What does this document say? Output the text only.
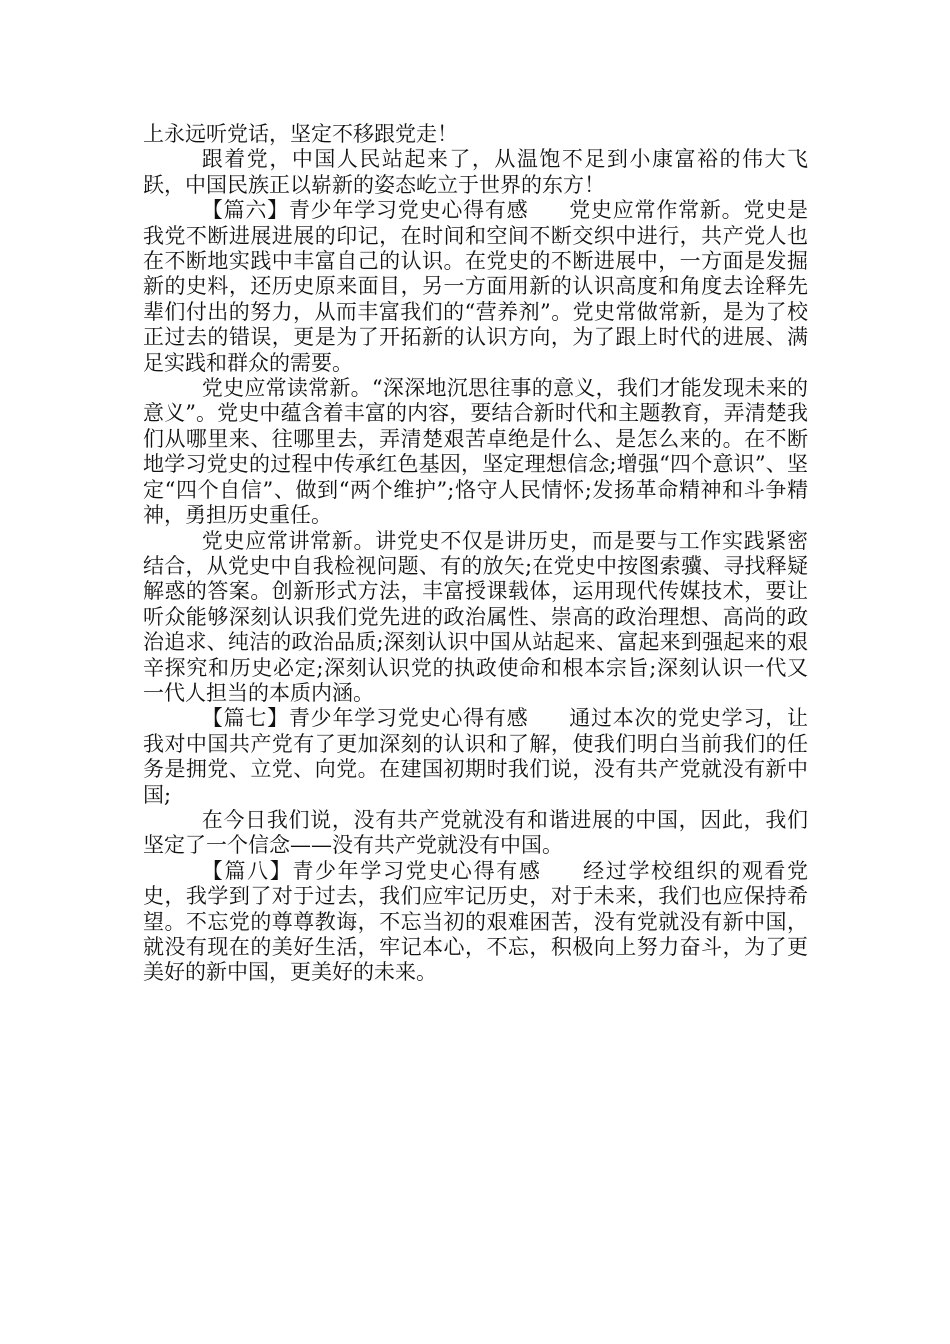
上永远听党话，坚定不移跟党走！

跟着党，中国人民站起来了，从温饱不足到小康富裕的伟大飞跃，中国民族正以崭新的姿态屹立于世界的东方！

【篇六】青少年学习党史心得有感 党史应常作常新。党史是我党不断进展进展的印记，在时间和空间不断交织中进行，共产党人也在不断地实践中丰富自己的认识。在党史的不断进展中，一方面是发掘新的史料，还历史原来面目，另一方面用新的认识高度和角度去诠释先辈们付出的努力，从而丰富我们的“营养剂”。党史常做常新，是为了校正过去的错误，更是为了开拓新的认识方向，为了跟上时代的进展、满足实践和群众的需要。

党史应常读常新。“深深地沉思往事的意义，我们才能发现未来的意义”。党史中蕴含着丰富的内容，要结合新时代和主题教育，弄清楚我们从哪里来、往哪里去，弄清楚艰苦卓绝是什么、是怎么来的。在不断地学习党史的过程中传承红色基因，坚定理想信念;增强“四个意识”、坚定“四个自信”、做到“两个维护”;恪守人民情怀;发扬革命精神和斗争精神，勇担历史重任。

党史应常讲常新。讲党史不仅是讲历史，而是要与工作实践紧密结合，从党史中自我检视问题、有的放矢;在党史中按图索骥、寻找释疑解惑的答案。创新形式方法，丰富授课载体，运用现代传媒技术，要让听众能够深刻认识我们党先进的政治属性、崇高的政治理想、高尚的政治追求、纯洁的政治品质;深刻认识中国从站起来、富起来到强起来的艰辛探究和历史必定;深刻认识党的执政使命和根本宗旨;深刻认识一代又一代人担当的本质内涵。

【篇七】青少年学习党史心得有感 通过本次的党史学习，让我对中国共产党有了更加深刻的认识和了解，使我们明白当前我们的任务是拥党、立党、向党。在建国初期时我们说，没有共产党就没有新中国;

在今日我们说，没有共产党就没有和谐进展的中国，因此，我们坚定了一个信念——没有共产党就没有中国。

【篇八】青少年学习党史心得有感 经过学校组织的观看党史，我学到了对于过去，我们应牢记历史，对于未来，我们也应保持希望。不忘党的尊尊教诲，不忘当初的艰难困苦，没有党就没有新中国，就没有现在的美好生活，牢记本心，不忘，积极向上努力奋斗，为了更美好的新中国，更美好的未来。
